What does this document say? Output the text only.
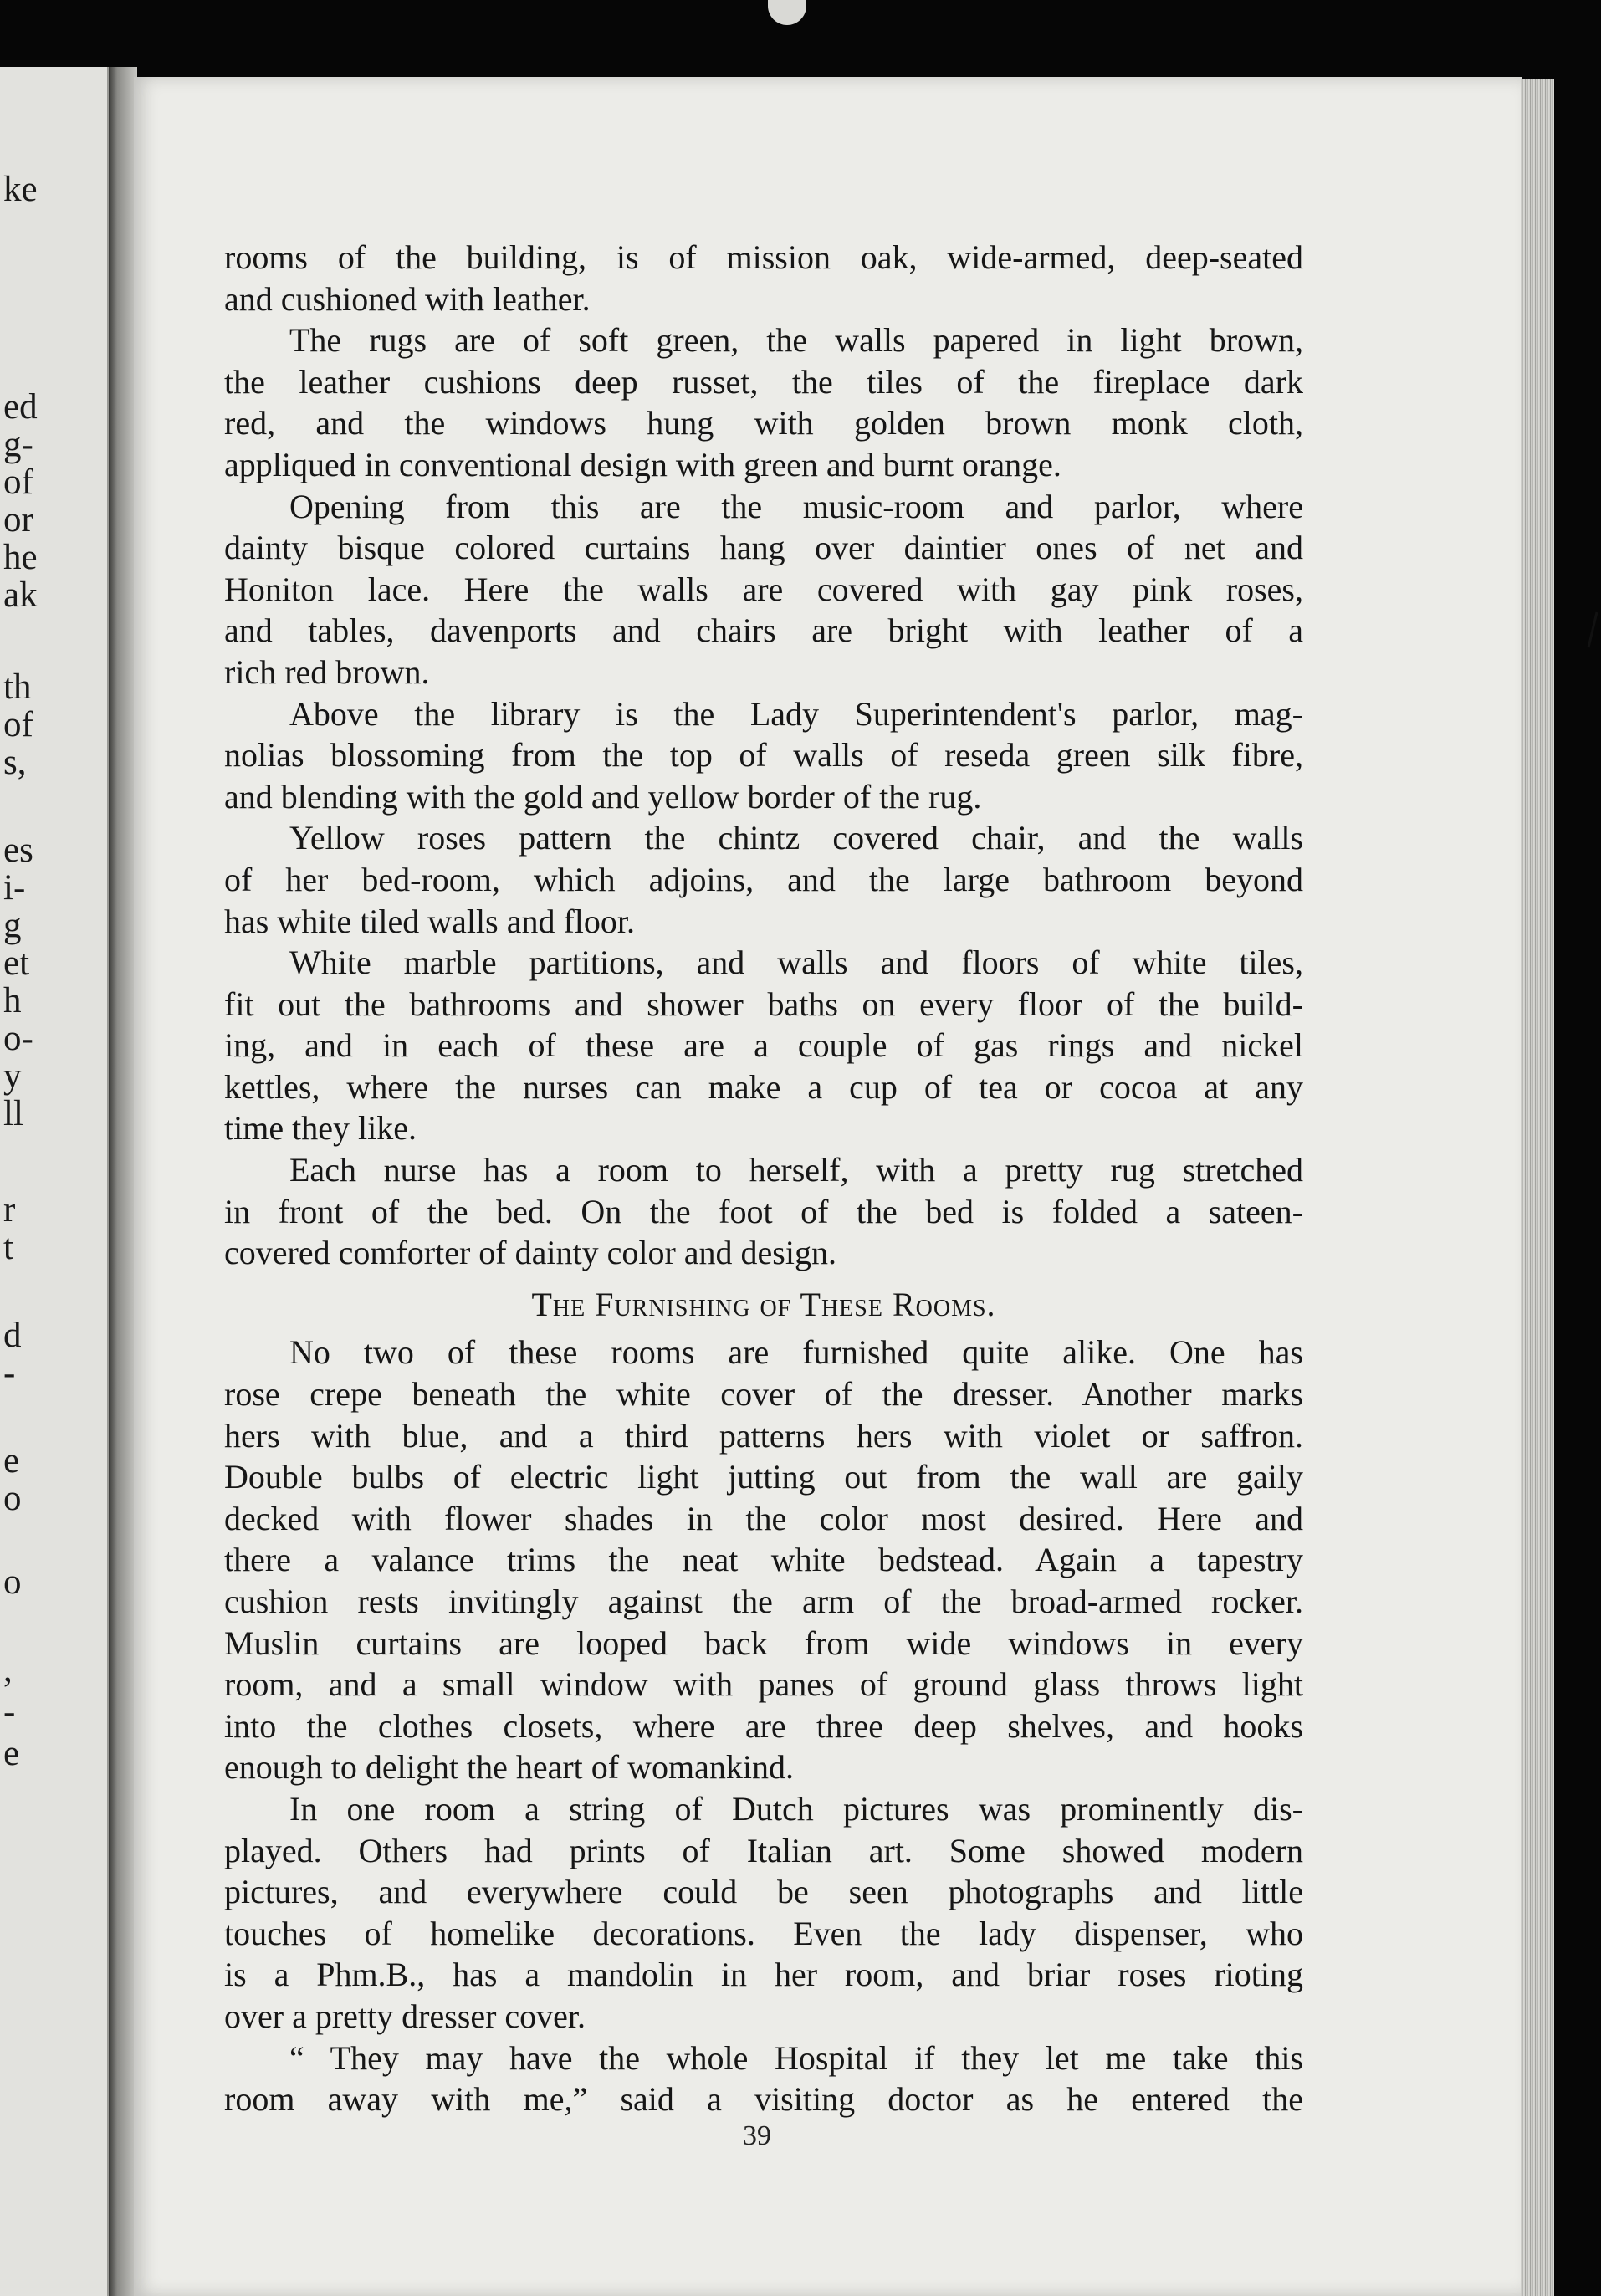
ke
ed
g-
of
or
he
ak
th
of
s,
es
i-
g
et
h
o-
y
ll
r
t
d
-
e
o
o
,
-
e
rooms of the building, is of mission oak, wide-armed, deep-seated
and cushioned with leather.
The rugs are of soft green, the walls papered in light brown,
the leather cushions deep russet, the tiles of the fireplace dark
red, and the windows hung with golden brown monk cloth,
appliqued in conventional design with green and burnt orange.
Opening from this are the music-room and parlor, where
dainty bisque colored curtains hang over daintier ones of net and
Honiton lace. Here the walls are covered with gay pink roses,
and tables, davenports and chairs are bright with leather of a
rich red brown.
Above the library is the Lady Superintendent's parlor, mag-
nolias blossoming from the top of walls of reseda green silk fibre,
and blending with the gold and yellow border of the rug.
Yellow roses pattern the chintz covered chair, and the walls
of her bed-room, which adjoins, and the large bathroom beyond
has white tiled walls and floor.
White marble partitions, and walls and floors of white tiles,
fit out the bathrooms and shower baths on every floor of the build-
ing, and in each of these are a couple of gas rings and nickel
kettles, where the nurses can make a cup of tea or cocoa at any
time they like.
Each nurse has a room to herself, with a pretty rug stretched
in front of the bed. On the foot of the bed is folded a sateen-
covered comforter of dainty color and design.
The Furnishing of These Rooms.
No two of these rooms are furnished quite alike. One has
rose crepe beneath the white cover of the dresser. Another marks
hers with blue, and a third patterns hers with violet or saffron.
Double bulbs of electric light jutting out from the wall are gaily
decked with flower shades in the color most desired. Here and
there a valance trims the neat white bedstead. Again a tapestry
cushion rests invitingly against the arm of the broad-armed rocker.
Muslin curtains are looped back from wide windows in every
room, and a small window with panes of ground glass throws light
into the clothes closets, where are three deep shelves, and hooks
enough to delight the heart of womankind.
In one room a string of Dutch pictures was prominently dis-
played. Others had prints of Italian art. Some showed modern
pictures, and everywhere could be seen photographs and little
touches of homelike decorations. Even the lady dispenser, who
is a Phm.B., has a mandolin in her room, and briar roses rioting
over a pretty dresser cover.
“ They may have the whole Hospital if they let me take this
room away with me,” said a visiting doctor as he entered the
39
